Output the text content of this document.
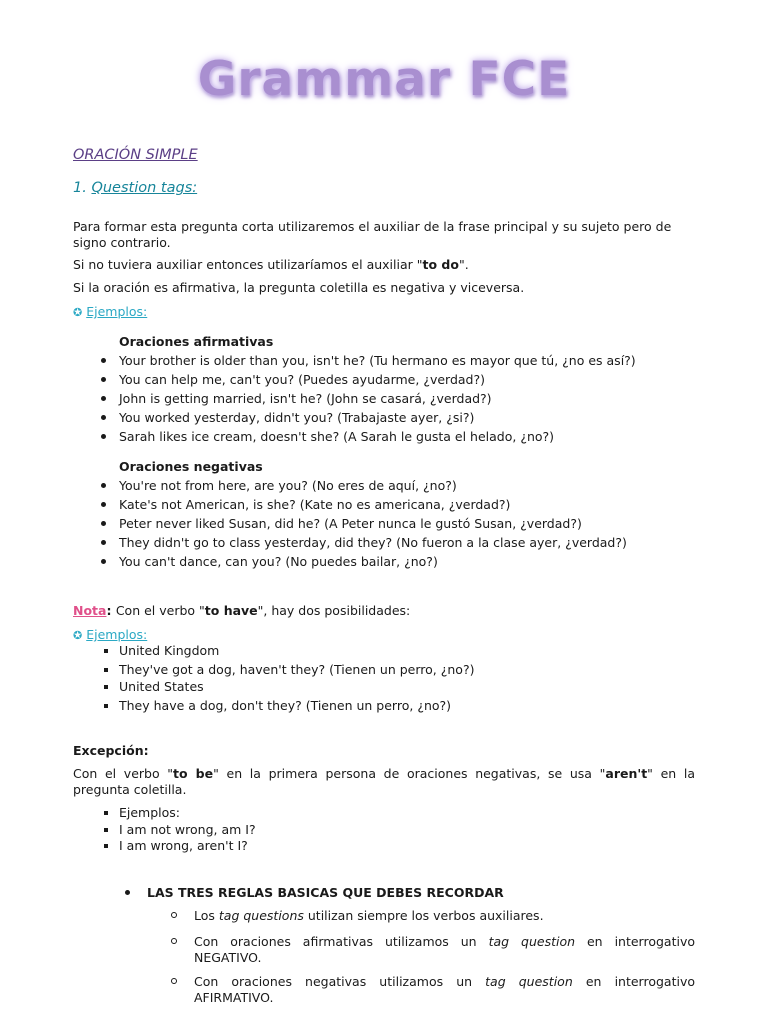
Grammar FCE
ORACIÓN SIMPLE
1. Question tags:
Para formar esta pregunta corta utilizaremos el auxiliar de la frase principal y su sujeto pero de signo contrario.
Si no tuviera auxiliar entonces utilizaríamos el auxiliar "to do".
Si la oración es afirmativa, la pregunta coletilla es negativa y viceversa.
✪ Ejemplos:
Oraciones afirmativas
Your brother is older than you, isn't he? (Tu hermano es mayor que tú, ¿no es así?)
You can help me, can't you? (Puedes ayudarme, ¿verdad?)
John is getting married, isn't he? (John se casará, ¿verdad?)
You worked yesterday, didn't you? (Trabajaste ayer, ¿si?)
Sarah likes ice cream, doesn't she? (A Sarah le gusta el helado, ¿no?)
Oraciones negativas
You're not from here, are you? (No eres de aquí, ¿no?)
Kate's not American, is she? (Kate no es americana, ¿verdad?)
Peter never liked Susan, did he? (A Peter nunca le gustó Susan, ¿verdad?)
They didn't go to class yesterday, did they? (No fueron a la clase ayer, ¿verdad?)
You can't dance, can you? (No puedes bailar, ¿no?)
Nota: Con el verbo "to have", hay dos posibilidades:
✪ Ejemplos:
United Kingdom
They've got a dog, haven't they? (Tienen un perro, ¿no?)
United States
They have a dog, don't they? (Tienen un perro, ¿no?)
Excepción:
Con el verbo "to be" en la primera persona de oraciones negativas, se usa "aren't" en la pregunta coletilla.
Ejemplos:
I am not wrong, am I?
I am wrong, aren't I?
LAS TRES REGLAS BASICAS QUE DEBES RECORDAR
Los tag questions utilizan siempre los verbos auxiliares.
Con oraciones afirmativas utilizamos un tag question en interrogativo NEGATIVO.
Con oraciones negativas utilizamos un tag question en interrogativo AFIRMATIVO.
